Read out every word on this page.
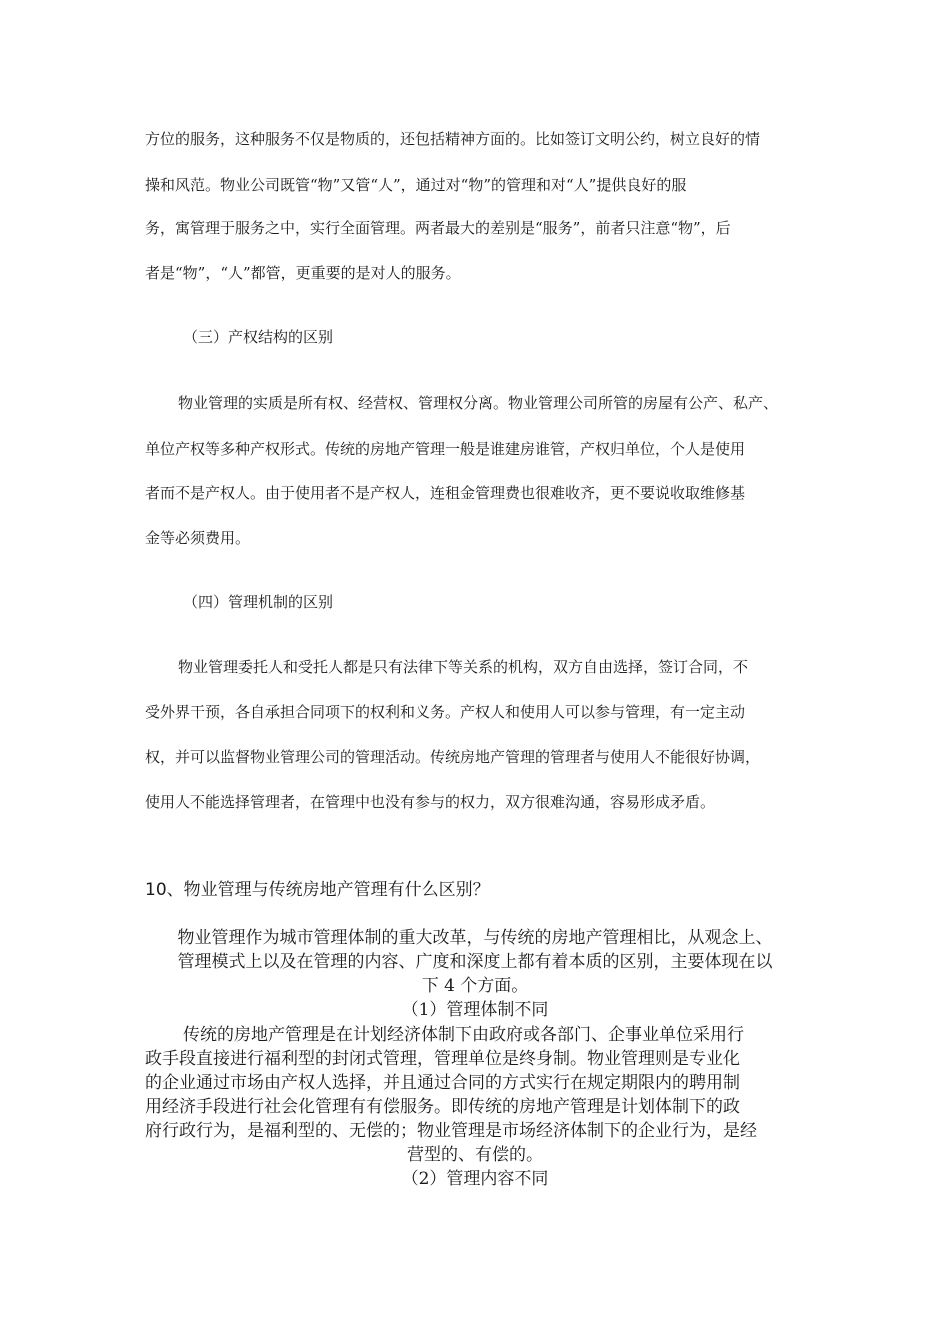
方位的服务，这种服务不仅是物质的，还包括精神方面的。比如签订文明公约，树立良好的情
操和风范。物业公司既管“物”又管“人”，通过对“物”的管理和对“人”提供良好的服
务，寓管理于服务之中，实行全面管理。两者最大的差别是“服务”，前者只注意“物”，后
者是“物”，“人”都管，更重要的是对人的服务。
（三）产权结构的区别
物业管理的实质是所有权、经营权、管理权分离。物业管理公司所管的房屋有公产、私产、
单位产权等多种产权形式。传统的房地产管理一般是谁建房谁管，产权归单位，个人是使用
者而不是产权人。由于使用者不是产权人，连租金管理费也很难收齐，更不要说收取维修基
金等必须费用。
（四）管理机制的区别
物业管理委托人和受托人都是只有法律下等关系的机构，双方自由选择，签订合同，不
受外界干预，各自承担合同项下的权利和义务。产权人和使用人可以参与管理，有一定主动
权，并可以监督物业管理公司的管理活动。传统房地产管理的管理者与使用人不能很好协调，
使用人不能选择管理者，在管理中也没有参与的权力，双方很难沟通，容易形成矛盾。
10、物业管理与传统房地产管理有什么区别？
物业管理作为城市管理体制的重大改革，与传统的房地产管理相比，从观念上、
管理模式上以及在管理的内容、广度和深度上都有着本质的区别，主要体现在以
下 4 个方面。
（1）管理体制不同
传统的房地产管理是在计划经济体制下由政府或各部门、企事业单位采用行
政手段直接进行福利型的封闭式管理，管理单位是终身制。物业管理则是专业化
的企业通过市场由产权人选择，并且通过合同的方式实行在规定期限内的聘用制
用经济手段进行社会化管理有有偿服务。即传统的房地产管理是计划体制下的政
府行政行为，是福利型的、无偿的；物业管理是市场经济体制下的企业行为，是经
营型的、有偿的。
（2）管理内容不同
